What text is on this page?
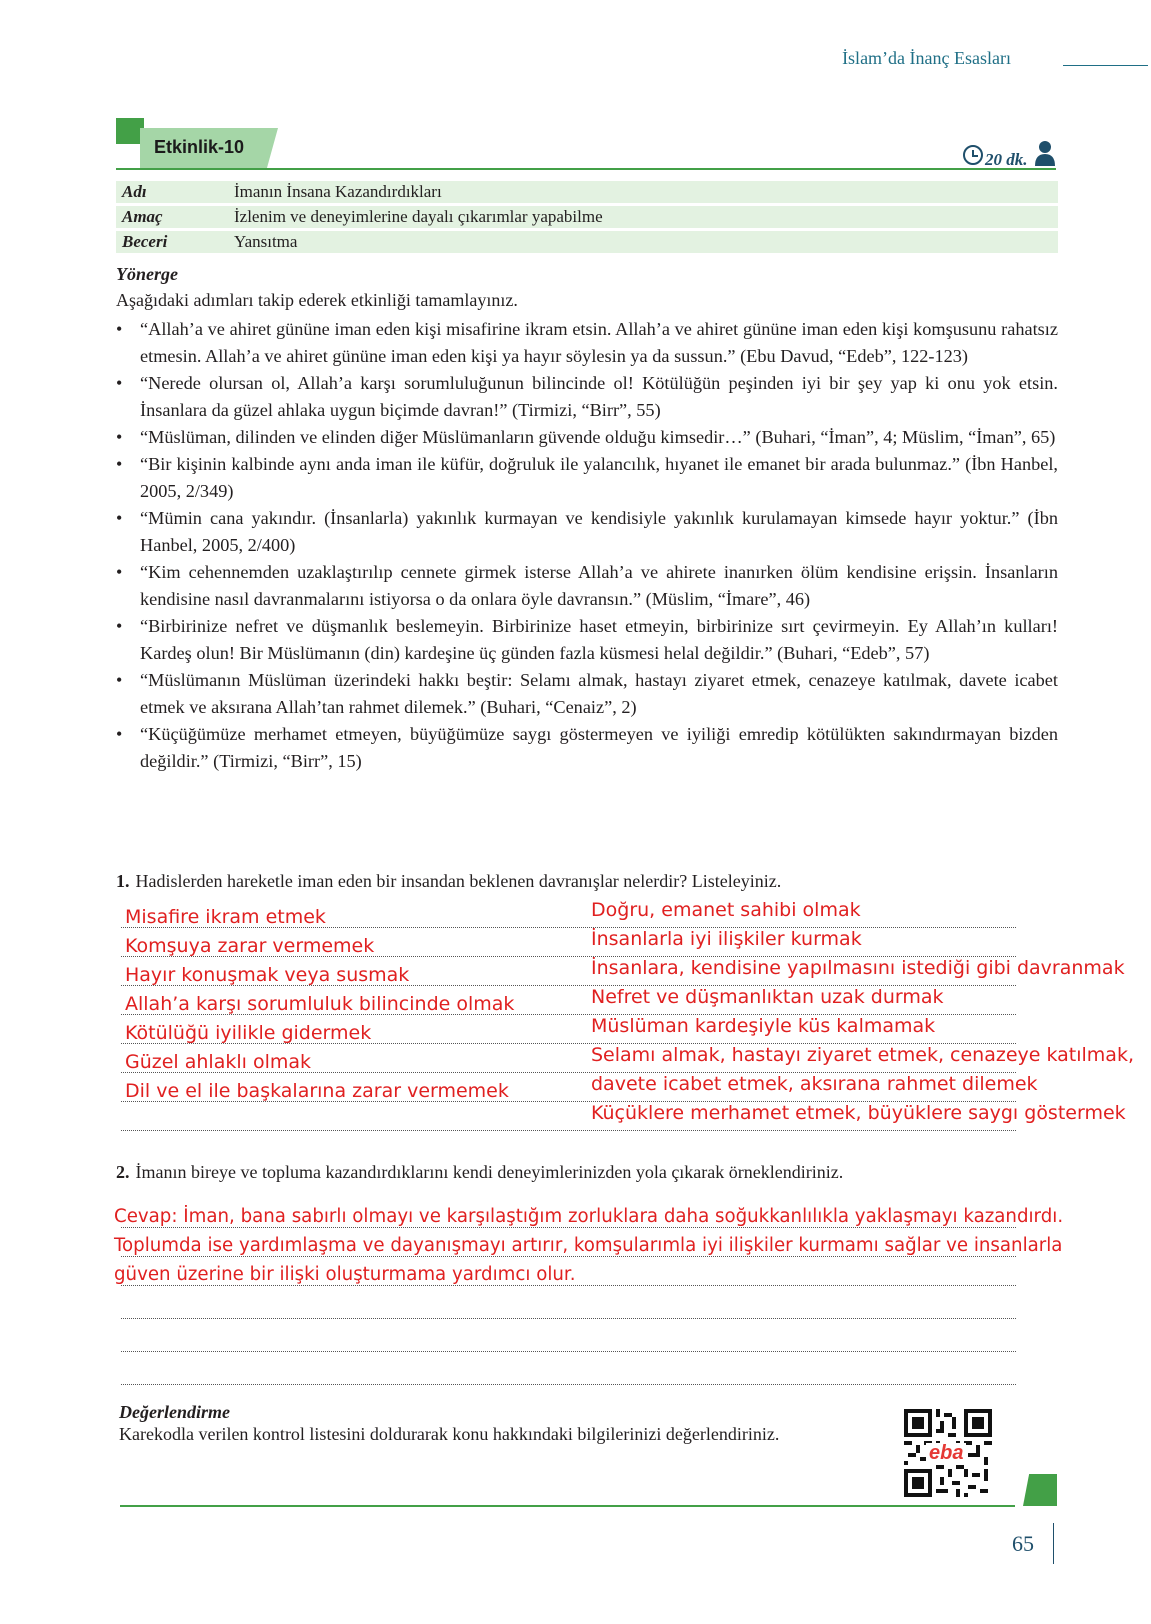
İslam’da İnanç Esasları
Etkinlik-10
20 dk.
Adı	İmanın İnsana Kazandırdıkları
Amaç	İzlenim ve deneyimlerine dayalı çıkarımlar yapabilme
Beceri	Yansıtma
Yönerge
Aşağıdaki adımları takip ederek etkinliği tamamlayınız.
• “Allah’a ve ahiret gününe iman eden kişi misafirine ikram etsin. Allah’a ve ahiret gününe iman eden kişi komşusunu rahatsız etmesin. Allah’a ve ahiret gününe iman eden kişi ya hayır söylesin ya da sussun.” (Ebu Davud, “Edeb”, 122-123)
• “Nerede olursan ol, Allah’a karşı sorumluluğunun bilincinde ol! Kötülüğün peşinden iyi bir şey yap ki onu yok etsin. İnsanlara da güzel ahlaka uygun biçimde davran!” (Tirmizi, “Birr”, 55)
• “Müslüman, dilinden ve elinden diğer Müslümanların güvende olduğu kimsedir…” (Buhari, “İman”, 4; Müslim, “İman”, 65)
• “Bir kişinin kalbinde aynı anda iman ile küfür, doğruluk ile yalancılık, hıyanet ile emanet bir arada bulunmaz.” (İbn Hanbel, 2005, 2/349)
• “Mümin cana yakındır. (İnsanlarla) yakınlık kurmayan ve kendisiyle yakınlık kurulamayan kimsede hayır yoktur.” (İbn Hanbel, 2005, 2/400)
• “Kim cehennemden uzaklaştırılıp cennete girmek isterse Allah’a ve ahirete inanırken ölüm kendisine erişsin. İnsanların kendisine nasıl davranmalarını istiyorsa o da onlara öyle davransın.” (Müslim, “İmare”, 46)
• “Birbirinize nefret ve düşmanlık beslemeyin. Birbirinize haset etmeyin, birbirinize sırt çevirmeyin. Ey Allah’ın kulları! Kardeş olun! Bir Müslümanın (din) kardeşine üç günden fazla küsmesi helal değildir.” (Buhari, “Edeb”, 57)
• “Müslümanın Müslüman üzerindeki hakkı beştir: Selamı almak, hastayı ziyaret etmek, cenazeye katılmak, davete icabet etmek ve aksırana Allah’tan rahmet dilemek.” (Buhari, “Cenaiz”, 2)
• “Küçüğümüze merhamet etmeyen, büyüğümüze saygı göstermeyen ve iyiliği emredip kötülükten sakındırmayan bizden değildir.” (Tirmizi, “Birr”, 15)
1. Hadislerden hareketle iman eden bir insandan beklenen davranışlar nelerdir? Listeleyiniz.
Misafire ikram etmek
Komşuya zarar vermemek
Hayır konuşmak veya susmak
Allah’a karşı sorumluluk bilincinde olmak
Kötülüğü iyilikle gidermek
Güzel ahlaklı olmak
Dil ve el ile başkalarına zarar vermemek
Doğru, emanet sahibi olmak
İnsanlarla iyi ilişkiler kurmak
İnsanlara, kendisine yapılmasını istediği gibi davranmak
Nefret ve düşmanlıktan uzak durmak
Müslüman kardeşiyle küs kalmamak
Selamı almak, hastayı ziyaret etmek, cenazeye katılmak,
davete icabet etmek, aksırana rahmet dilemek
Küçüklere merhamet etmek, büyüklere saygı göstermek
2. İmanın bireye ve topluma kazandırdıklarını kendi deneyimlerinizden yola çıkarak örneklendiriniz.
Cevap: İman, bana sabırlı olmayı ve karşılaştığım zorluklara daha soğukkanlılıkla yaklaşmayı kazandırdı.
Toplumda ise yardımlaşma ve dayanışmayı artırır, komşularımla iyi ilişkiler kurmamı sağlar ve insanlarla
güven üzerine bir ilişki oluşturmama yardımcı olur.
Değerlendirme
Karekodla verilen kontrol listesini doldurarak konu hakkındaki bilgilerinizi değerlendiriniz.
eba
65
